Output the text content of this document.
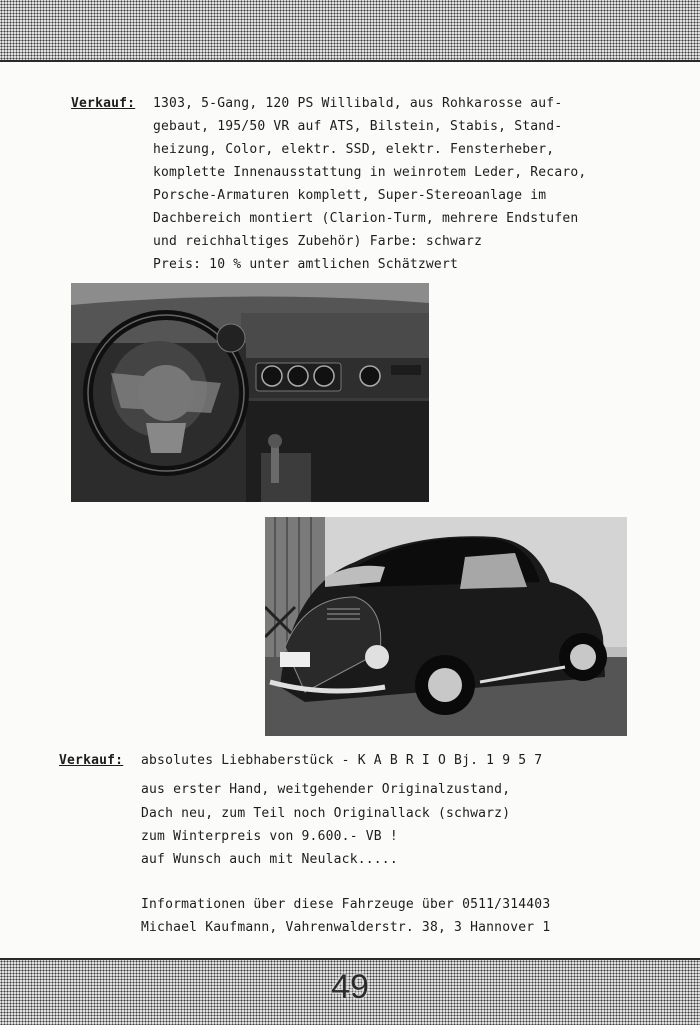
Verkauf: 1303, 5-Gang, 120 PS Willibald, aus Rohkarosse auf-
gebaut, 195/50 VR auf ATS, Bilstein, Stabis, Stand-
heizung, Color, elektr. SSD, elektr. Fensterheber,
komplette Innenausstattung in weinrotem Leder, Recaro,
Porsche-Armaturen komplett, Super-Stereoanlage im
Dachbereich montiert (Clarion-Turm, mehrere Endstufen
und reichhaltiges Zubehör) Farbe: schwarz
Preis: 10 % unter amtlichen Schätzwert
Verkauf: absolutes Liebhaberstück - K A B R I O Bj. 1 9 5 7
aus erster Hand, weitgehender Originalzustand,
Dach neu, zum Teil noch Originallack (schwarz)
zum Winterpreis von 9.600.- VB !
auf Wunsch auch mit Neulack.....
Informationen über diese Fahrzeuge über 0511/314403
Michael Kaufmann, Vahrenwalderstr. 38, 3 Hannover 1
49
